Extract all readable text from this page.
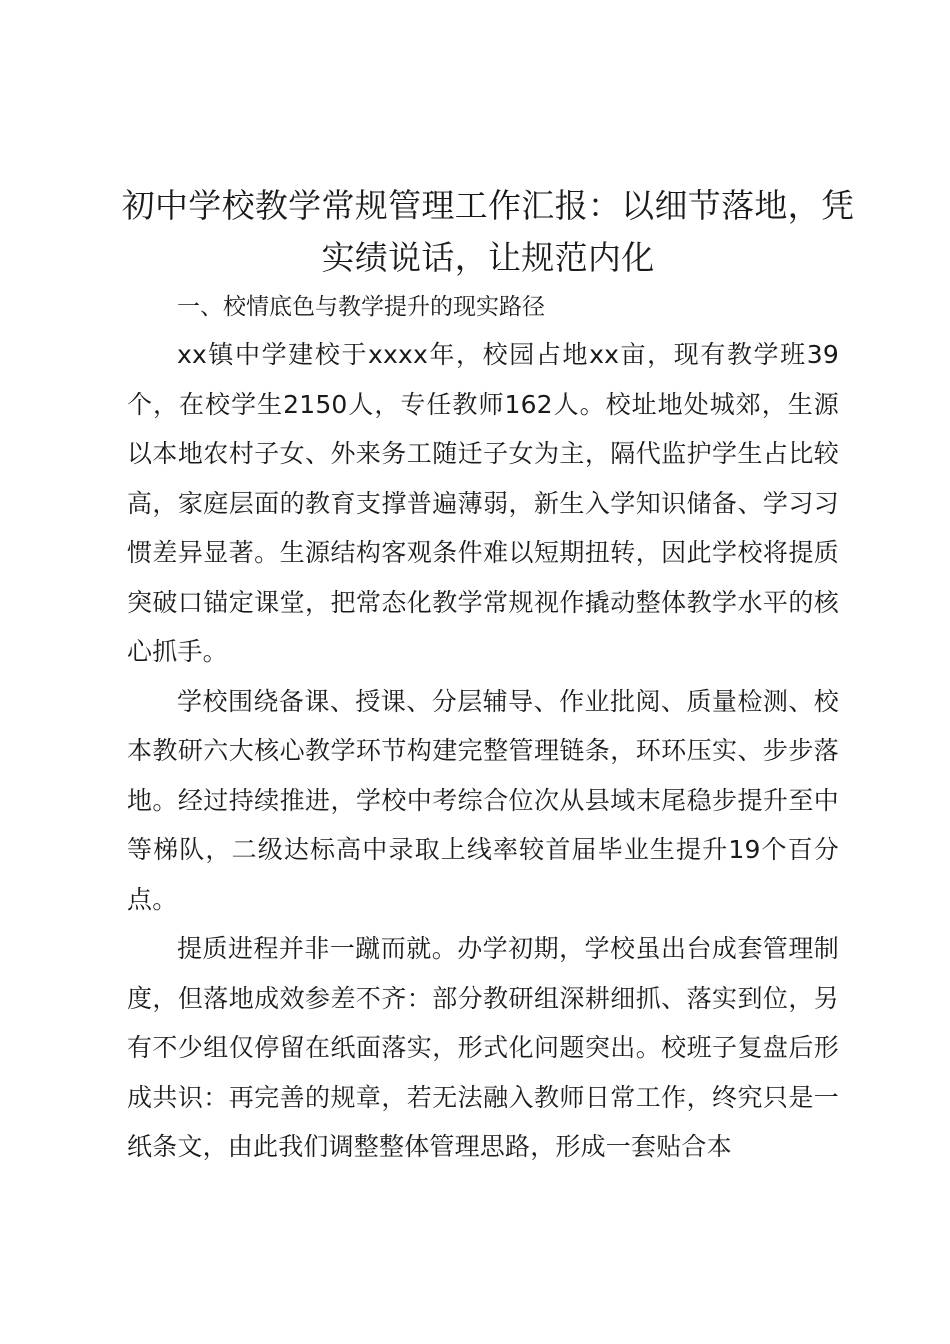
初中学校教学常规管理工作汇报：以细节落地，凭实绩说话，让规范内化

一、校情底色与教学提升的现实路径

xx镇中学建校于xxxx年，校园占地xx亩，现有教学班39个，在校学生2150人，专任教师162人。校址地处城郊，生源以本地农村子女、外来务工随迁子女为主，隔代监护学生占比较高，家庭层面的教育支撑普遍薄弱，新生入学知识储备、学习习惯差异显著。生源结构客观条件难以短期扭转，因此学校将提质突破口锚定课堂，把常态化教学常规视作撬动整体教学水平的核心抓手。

学校围绕备课、授课、分层辅导、作业批阅、质量检测、校本教研六大核心教学环节构建完整管理链条，环环压实、步步落地。经过持续推进，学校中考综合位次从县域末尾稳步提升至中等梯队，二级达标高中录取上线率较首届毕业生提升19个百分点。

提质进程并非一蹴而就。办学初期，学校虽出台成套管理制度，但落地成效参差不齐：部分教研组深耕细抓、落实到位，另有不少组仅停留在纸面落实，形式化问题突出。校班子复盘后形成共识：再完善的规章，若无法融入教师日常工作，终究只是一纸条文，由此我们调整整体管理思路，形成一套贴合本
